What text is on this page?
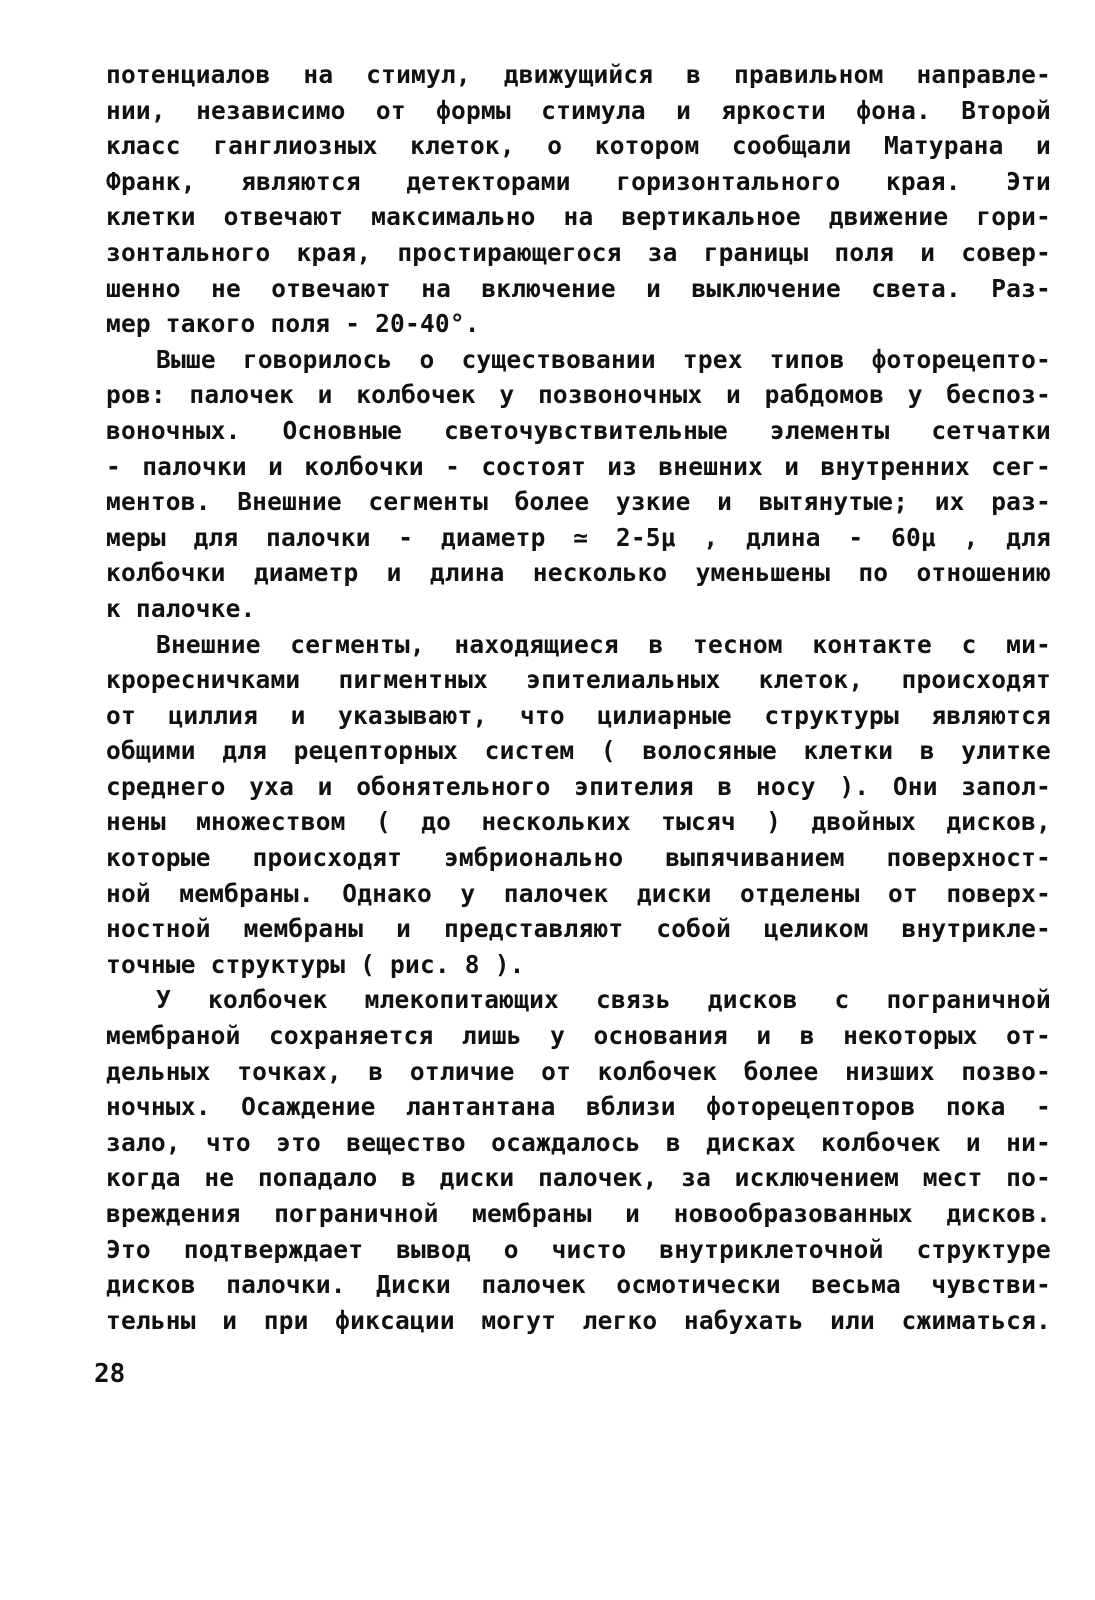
потенциалов на стимул, движущийся в правильном направле-
нии, независимо от формы стимула и яркости фона. Второй
класс ганглиозных клеток, о котором сообщали Матурана и
Франк, являются детекторами горизонтального края. Эти
клетки отвечают максимально на вертикальное движение гори-
зонтального края, простирающегося за границы поля и совер-
шенно не отвечают на включение и выключение света. Раз-
мер такого поля - 20-40°.
Выше говорилось о существовании трех типов фоторецепто-
ров: палочек и колбочек у позвоночных и рабдомов у беспоз-
воночных. Основные светочувствительные элементы сетчатки
- палочки и колбочки - состоят из внешних и внутренних сег-
ментов. Внешние сегменты более узкие и вытянутые; их раз-
меры для палочки - диаметр ≃ 2-5μ , длина - 60μ , для
колбочки диаметр и длина несколько уменьшены по отношению
к палочке.
Внешние сегменты, находящиеся в тесном контакте с ми-
кроресничками пигментных эпителиальных клеток, происходят
от циллия и указывают, что цилиарные структуры являются
общими для рецепторных систем ( волосяные клетки в улитке
среднего уха и обонятельного эпителия в носу ). Они запол-
нены множеством ( до нескольких тысяч ) двойных дисков,
которые происходят эмбрионально выпячиванием поверхност-
ной мембраны. Однако у палочек диски отделены от поверх-
ностной мембраны и представляют собой целиком внутрикле-
точные структуры ( рис. 8 ).
У колбочек млекопитающих связь дисков с пограничной
мембраной сохраняется лишь у основания и в некоторых от-
дельных точках, в отличие от колбочек более низших позво-
ночных. Осаждение лантантана вблизи фоторецепторов пока -
зало, что это вещество осаждалось в дисках колбочек и ни-
когда не попадало в диски палочек, за исключением мест по-
вреждения пограничной мембраны и новообразованных дисков.
Это подтверждает вывод о чисто внутриклеточной структуре
дисков палочки. Диски палочек осмотически весьма чувстви-
тельны и при фиксации могут легко набухать или сжиматься.
28
